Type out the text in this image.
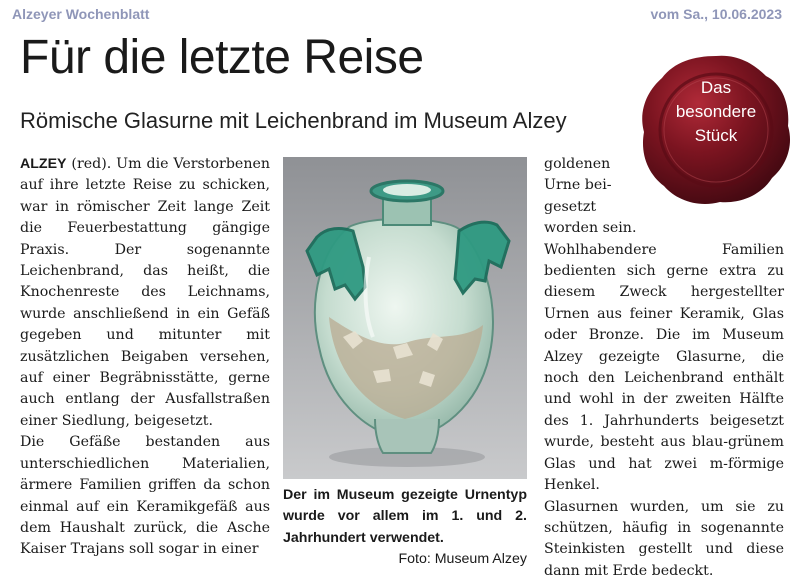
Alzeyer Wochenblatt	vom Sa., 10.06.2023
Für die letzte Reise
Römische Glasurne mit Leichenbrand im Museum Alzey
Das
besondere
Stück

ALZEY (red). Um die Verstorbenen auf ihre letzte Reise zu schicken, war in römischer Zeit lange Zeit die Feuerbestattung gängige Praxis. Der sogenannte Leichenbrand, das heißt, die Knochenreste des Leichnams, wurde anschließend in ein Gefäß gegeben und mitunter mit zusätzlichen Beigaben versehen, auf einer Begräbnisstätte, gerne auch entlang der Ausfallstraßen einer Siedlung, beigesetzt.

Die Gefäße bestanden aus unterschiedlichen Materialien, ärmere Familien griffen da schon einmal auf ein Keramikgefäß aus dem Haushalt zurück, die Asche Kaiser Trajans soll sogar in einer

Der im Museum gezeigte Urnentyp wurde vor allem im 1. und 2. Jahrhundert verwendet.
Foto: Museum Alzey
goldenen
Urne bei-
gesetzt

worden sein.

Wohlhabendere Familien bedienten sich gerne extra zu diesem Zweck hergestellter Urnen aus feiner Keramik, Glas oder Bronze. Die im Museum Alzey gezeigte Glasurne, die noch den Leichenbrand enthält und wohl in der zweiten Hälfte des 1. Jahrhunderts beigesetzt wurde, besteht aus blau-grünem Glas und hat zwei m-förmige Henkel.

Glasurnen wurden, um sie zu schützen, häufig in sogenannte Steinkisten gestellt und diese dann mit Erde bedeckt.
